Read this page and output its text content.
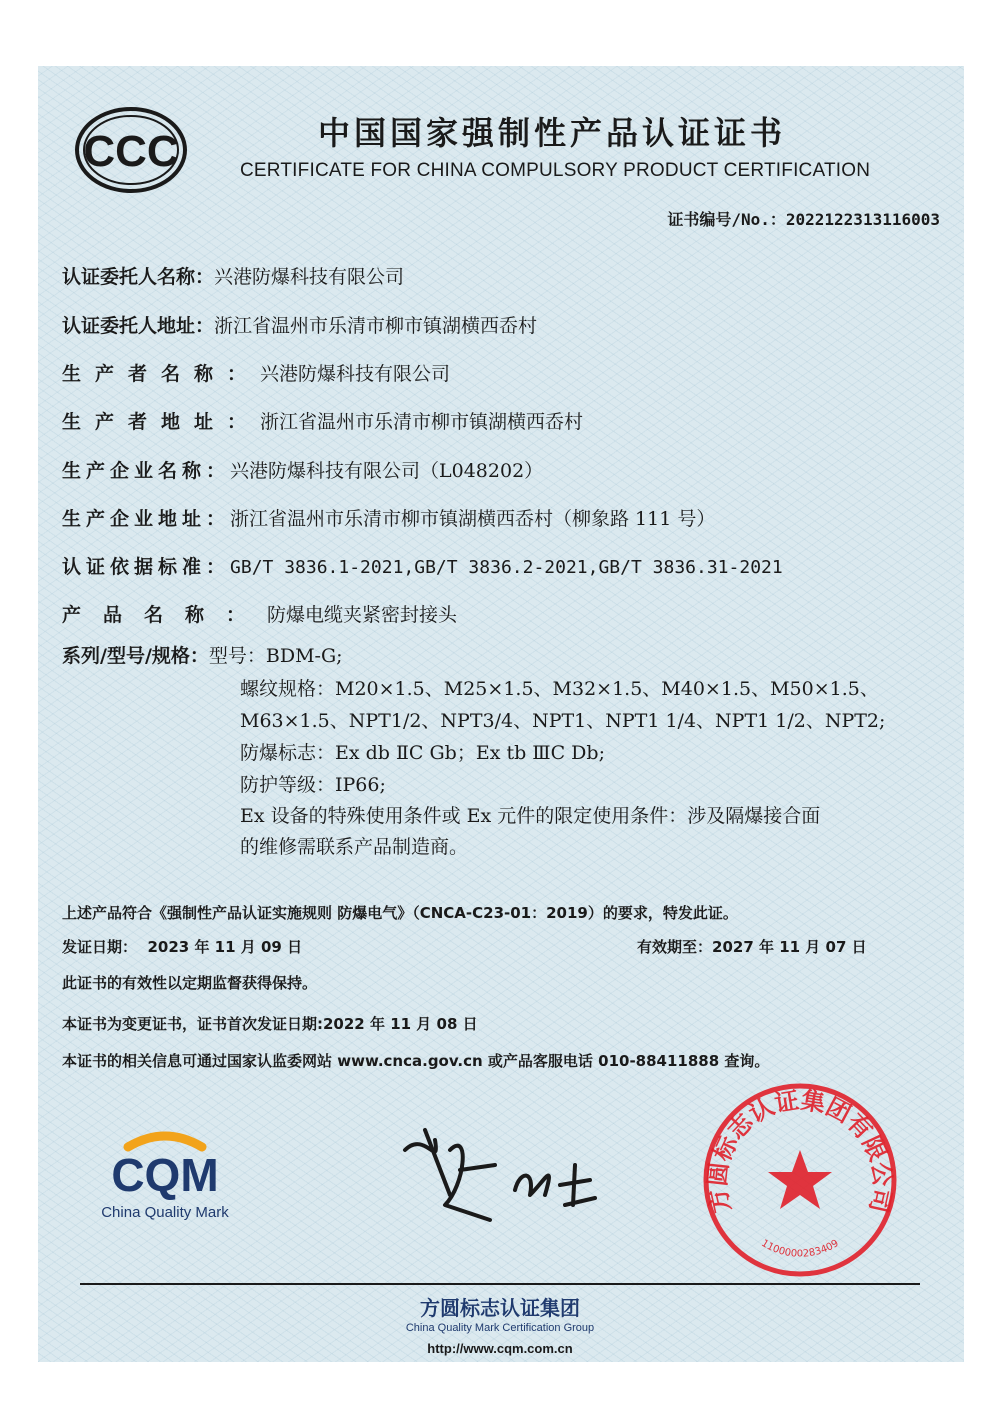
CCC	中国国家强制性产品认证证书
CERTIFICATE FOR CHINA COMPULSORY PRODUCT CERTIFICATION
证书编号/No.：2022122313116003
认证委托人名称：兴港防爆科技有限公司
认证委托人地址：浙江省温州市乐清市柳市镇湖横西岙村
生产者名称：兴港防爆科技有限公司
生产者地址：浙江省温州市乐清市柳市镇湖横西岙村
生产企业名称：兴港防爆科技有限公司（L048202）
生产企业地址：浙江省温州市乐清市柳市镇湖横西岙村（柳象路 111 号）
认证依据标准：GB/T 3836.1-2021,GB/T 3836.2-2021,GB/T 3836.31-2021
产品名称：防爆电缆夹紧密封接头
系列/型号/规格：型号：BDM-G;
螺纹规格：M20×1.5、M25×1.5、M32×1.5、M40×1.5、M50×1.5、
M63×1.5、NPT1/2、NPT3/4、NPT1、NPT1 1/4、NPT1 1/2、NPT2;
防爆标志：Ex db ⅡC Gb；Ex tb ⅢC Db;
防护等级：IP66;
Ex 设备的特殊使用条件或 Ex 元件的限定使用条件：涉及隔爆接合面
的维修需联系产品制造商。
上述产品符合《强制性产品认证实施规则 防爆电气》（CNCA-C23-01：2019）的要求，特发此证。
发证日期： 2023 年 11 月 09 日	有效期至：2027 年 11 月 07 日
此证书的有效性以定期监督获得保持。
本证书为变更证书，证书首次发证日期:2022 年 11 月 08 日
本证书的相关信息可通过国家认监委网站 www.cnca.gov.cn 或产品客服电话 010-88411888 查询。
CQM
China Quality Mark	方圆标志认证集团有限公司
1100000283409
方圆标志认证集团
China Quality Mark Certification Group
http://www.cqm.com.cn
